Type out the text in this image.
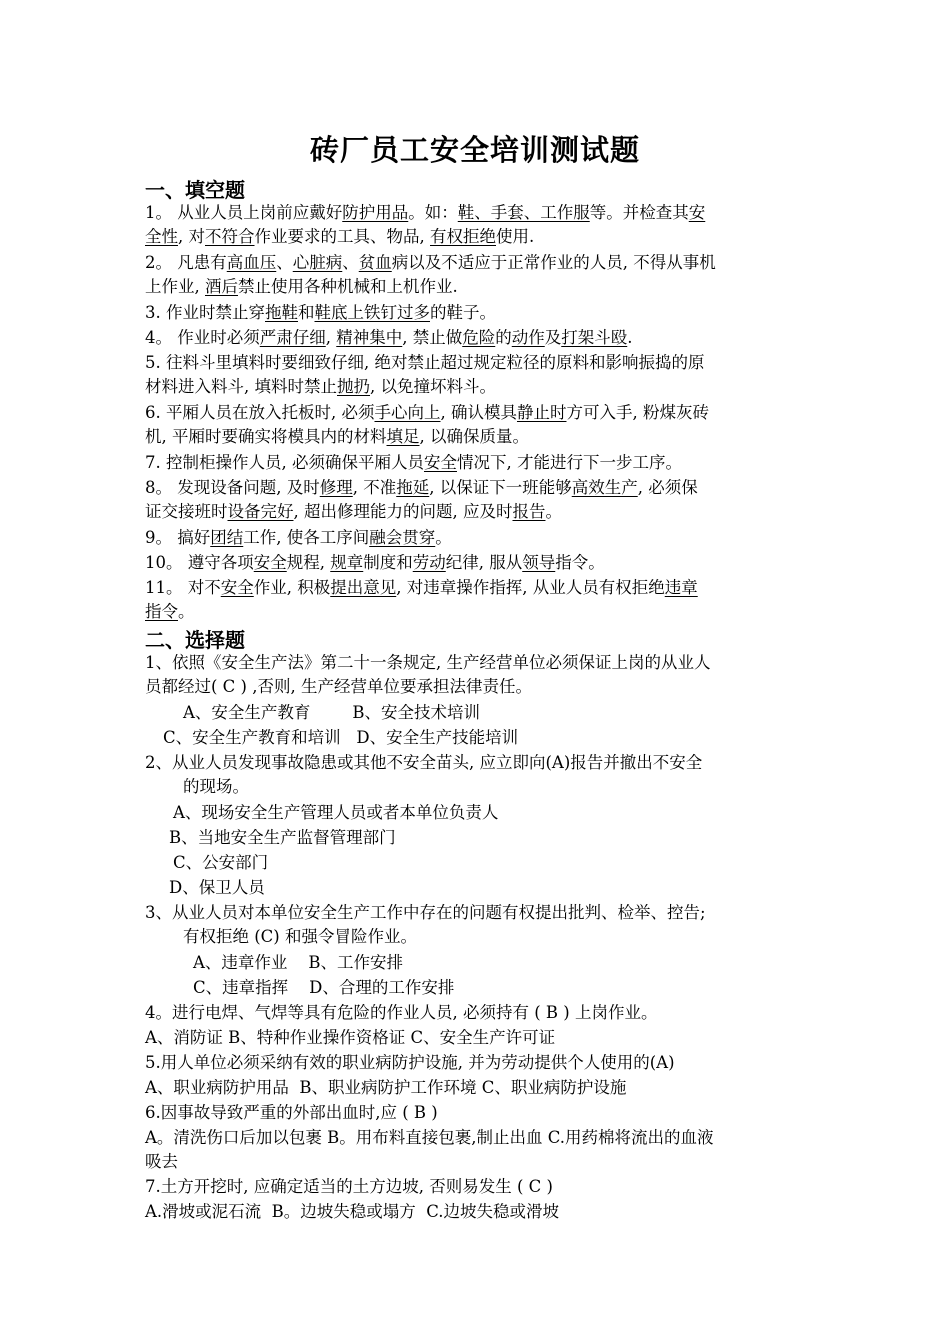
砖厂员工安全培训测试题
一、填空题
二、选择题
1。 从业人员上岗前应戴好防护用品。如：鞋、手套、工作服等。并检查其安
全性, 对不符合作业要求的工具、物品, 有权拒绝使用.
2。 凡患有高血压、心脏病、贫血病以及不适应于正常作业的人员, 不得从事机
上作业, 酒后禁止使用各种机械和上机作业.
3. 作业时禁止穿拖鞋和鞋底上铁钉过多的鞋子。
4。 作业时必须严肃仔细, 精神集中, 禁止做危险的动作及打架斗殴.
5. 往料斗里填料时要细致仔细, 绝对禁止超过规定粒径的原料和影响振捣的原
材料进入料斗, 填料时禁止抛扔, 以免撞坏料斗。
6. 平厢人员在放入托板时, 必须手心向上, 确认模具静止时方可入手, 粉煤灰砖
机, 平厢时要确实将模具内的材料填足, 以确保质量。
7. 控制柜操作人员, 必须确保平厢人员安全情况下, 才能进行下一步工序。
8。 发现设备问题, 及时修理, 不准拖延, 以保证下一班能够高效生产, 必须保
证交接班时设备完好, 超出修理能力的问题, 应及时报告。
9。 搞好团结工作, 使各工序间融会贯穿。
10。 遵守各项安全规程, 规章制度和劳动纪律, 服从领导指令。
11。 对不安全作业, 积极提出意见, 对违章操作指挥, 从业人员有权拒绝违章
指令。
1、依照《安全生产法》第二十一条规定, 生产经营单位必须保证上岗的从业人
员都经过( C ) ,否则, 生产经营单位要承担法律责任。
A、安全生产教育        B、安全技术培训
C、安全生产教育和培训   D、安全生产技能培训
2、从业人员发现事故隐患或其他不安全苗头, 应立即向(A)报告并撤出不安全
的现场。
A、现场安全生产管理人员或者本单位负责人
B、当地安全生产监督管理部门
C、公安部门
D、保卫人员
3、从业人员对本单位安全生产工作中存在的问题有权提出批判、检举、控告;
有权拒绝 (C) 和强令冒险作业。
A、违章作业    B、工作安排
C、违章指挥    D、合理的工作安排
4。进行电焊、气焊等具有危险的作业人员, 必须持有 ( B ) 上岗作业。
A、消防证 B、特种作业操作资格证 C、安全生产许可证
5.用人单位必须采纳有效的职业病防护设施, 并为劳动提供个人使用的(A)
A、职业病防护用品  B、职业病防护工作环境 C、职业病防护设施
6.因事故导致严重的外部出血时,应 ( B )
A。清洗伤口后加以包裹 B。用布料直接包裹,制止出血 C.用药棉将流出的血液
吸去
7.土方开挖时, 应确定适当的土方边坡, 否则易发生 ( C )
A.滑坡或泥石流  B。边坡失稳或塌方  C.边坡失稳或滑坡
